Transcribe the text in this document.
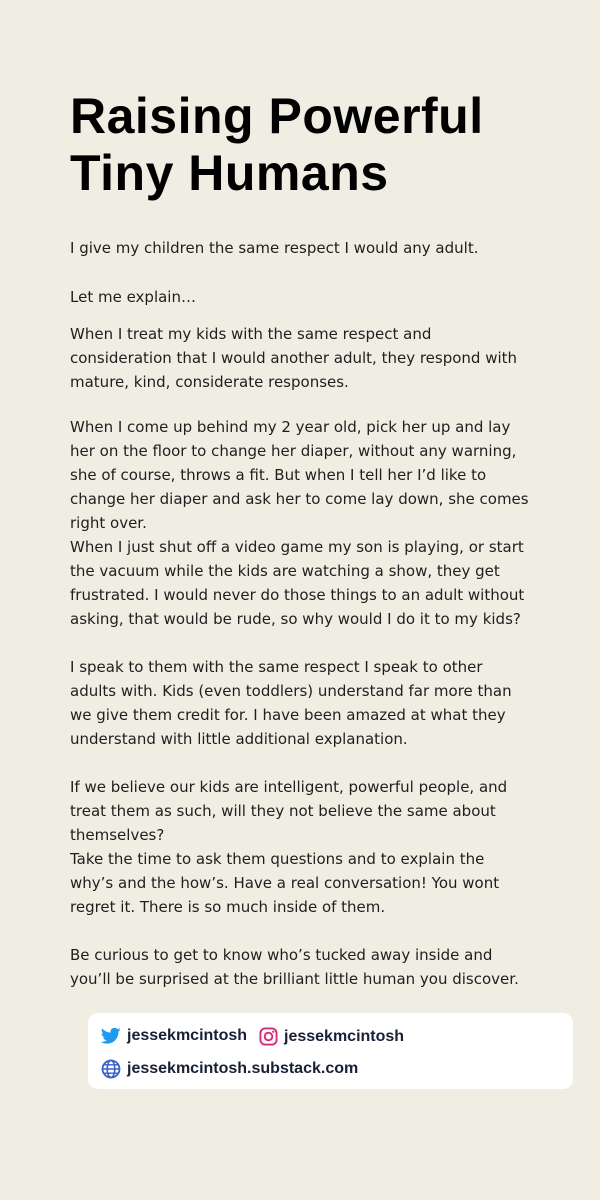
Raising Powerful Tiny Humans

I give my children the same respect I would any adult.

Let me explain…

When I treat my kids with the same respect and consideration that I would another adult, they respond with mature, kind, considerate responses.

When I come up behind my 2 year old, pick her up and lay her on the floor to change her diaper, without any warning, she of course, throws a fit. But when I tell her I’d like to change her diaper and ask her to come lay down, she comes right over.

When I just shut off a video game my son is playing, or start the vacuum while the kids are watching a show, they get frustrated. I would never do those things to an adult without asking, that would be rude, so why would I do it to my kids?

I speak to them with the same respect I speak to other adults with. Kids (even toddlers) understand far more than we give them credit for. I have been amazed at what they understand with little additional explanation.

If we believe our kids are intelligent, powerful people, and treat them as such, will they not believe the same about themselves?

Take the time to ask them questions and to explain the why’s and the how’s. Have a real conversation! You wont regret it. There is so much inside of them.

Be curious to get to know who’s tucked away inside and you’ll be surprised at the brilliant little human you discover.

jessekmcintosh jessekmcintosh
jessekmcintosh.substack.com
